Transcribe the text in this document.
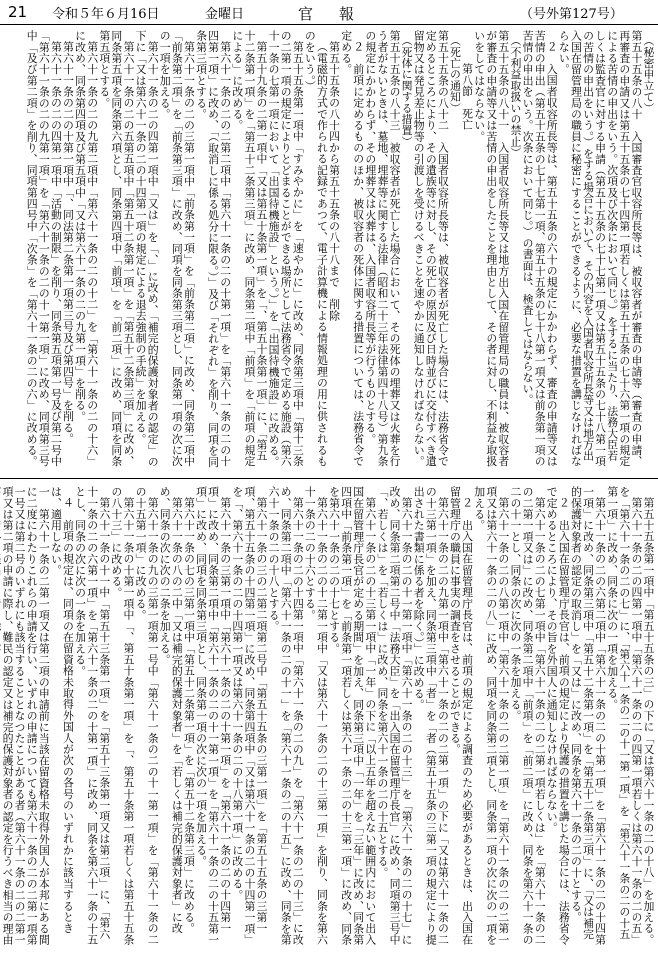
21 令和５年６月16日	金曜日	官報	（号外第127号）

（秘密申立て）

第五十五条の八十　入国審査官収容所長等は、被収容者が審査の申請等（審査の申請、再審査の申請又は第五十五条の七十四第一項若しくは第五十五条の七十六第一項の規定による苦情の申出をいう。次項及び次条において同じ。）をするに当たり、法務大臣若しくは監査官に対する申請（第五十五条の七十七第一項又は第五十五条の七十八第一項の苦情の申出をいう。）をする場合において、その内容を入国者収容所長等又は地方出入国在留管理局の職員に秘密にすることができるように、必要な措置を講じなければならない。

２　入国者収容所長等は、第五十五条の六十の規定にかかわらず、審査の申請等又は苦情の申出（第五十五条の七十七第一項、第五十五条の七十八第一項又は前条第一項の苦情の申出をいう。次条において同じ。）の書面は、検査してはならない。

（不利益取扱いの禁止）

第五十五条の八十一　入国者収容所長等又は地方出入国在留管理局の職員は、被収容者が審査の申請等又は苦情の申出をしたことを理由として、その者に対し、不利益な取扱いをしてはならない。

第八節　死亡

（死亡の通知）

第五十五条の八十二　入国者収容所長等は、被収容者が死亡した場合には、法務省令で定めるところにより、その遺族等に対し、その死亡の原因及び日時並びに交付すべき遺留物又は発見差止物等の引渡しを受けるべきことを速やかに通知しなければならない。

（死体に関する措置）

第五十五条の八十三　被収容者が死亡した場合において、その死体の埋葬又は火葬を行う者がないときは、墓地、埋葬等に関する法律（昭和二十三年法律第四十八号）第九条の規定にかかわらず、その埋葬又は火葬は、入国者収容所長等が行うものとする。

２　前項に定めるもののほか、被収容者の死体に関する措置については、法務省令で定める。

第五十五条の八十四から第五十五条の八十八まで　削除

（電磁的方式で作られる記録であつて、電子計算機による情報処理の用に供されるものをいう。）

第五十五条第一項中「すみやかに」を「速やかに」に改め、同条第三項中「第十三条の二第一項の規定によりとどまることができる場所として法務省令で定める施設（第六十一条の七第一項において「出国待機施設」という。）」を「出国待機施設」に改める。

第五十九条の二第一項中「又は第五十条第一項」を「、第五十条第一項」に、「第五十二条第一項」を「第五十二条第三項」に改め、同条第二項中「前項」を「前項の規定による」に改める。

第六十一条の二の二第二項中「第六十一条の二の十第一項」を「第六十一条の二の十四第一項」に改め、「（取消しに係る処分に限る。）」及び「それぞれ」を削り、同項を同条第三項とする。

第六十一条の二の三第一項中「前条第一項」を「前条第二項」に改め、同条第二項中「前条第二項」を「前条第三項」に改め、同項を同条第三項とし、同条第一項の次に次の一項を加える。

第六十一条の二の四第一項中「又は」を「、」に改め、「補完的保護対象者の認定」の下に「又は第六十一条の二の十四第一項の規定による退去強制の手続」を加える。

第六十一条の二の五第五項中「第五十二条第一項」を「第五十二条第三項」に改め、同条第五項を同条第六項とし、同条第四項中「前項」を「前二項」に改め、同項を同条第五項とする。

第六十一条の二の九第二項中「第六十一条の二の十二」を「第六十一条の二の十六」に改め、同条第四項及び第五項中「又は第六十一条の二の九第一項」を削る。

第六十一条の二の十第一項中「、同法第二条第一項第三号及び第四号」を削る。

第六十一条の二の四第一項中「活動の制限」を削り、同条第五項第一号及び第二号中「第六十一条の二の九第一項」を「第六十一条の二の十一第一項」に改め、同項第三号中「及び第二項」を削り、同項第四号中「次条」を「第六十一条の二の六」に改める。

第五十五条第一項中「第五十五条の三」の下に「又は第六十一条の二の十八」を加える。

第六十一条の二の四第一項中「第六十一条の二の四第一項若しくは第六十一条の二の五」を「第六十一条の二の七」に、「第六十一条の二の十一第一項」を「第六十一条の二の十五第一項」に改め、同条に次の一項を加える。

第六十一条の二の六第二項中「第六十一条の二の十第一項」を「第六十一条の二の十四第一項」に改め、同条第三項中「第五十二条第一項」を「第五十二条第三項」に、「又は補完的保護対象者の認定の取消し」を「又は」に改め、同条を第六十一条の二の十とする。

２　出入国在留管理庁長官は、前項の規定により保護の措置を講じた場合には、法務省令で定めるところにより、その旨を外国人に通知しなければならない。

第六十一条の二の七第一項中「第六十一条の二の二第一項若しくは」を「第六十一条の二の二第一項又は」に改め、同条第二項中「前項」を「前二項」に改め、同条を第六十一条の二の十一とし、同条の次に次の一条を加える。

第六十一条の二の八第一項中「第六十一条の二の二第一項」を「第六十一条の二の二第一項又は第六十一条の二の八」に改め、同項を同条第二項とし、同条第一項の次に次の一項を加える。

２　出入国在留管理庁長官は、前項の規定による調査のため必要があるときは、出入国在留管理庁の職員に事実の調査をさせることができる。

第六十一条の二の九第一項中「第六十一条の二の二第一項」の下に「又は第六十一条の二の十三第一項」を加え、同条第三項中「者」を「者（第五十五条の三第一項の規定により提出された書類に係る者を除く。）」に改める。

第六十一条の二の十一第一項中「第六十一条の二の十三」を「第六十一条の二の十七」に改め、同条第二項第二号中「法務大臣」を「出入国在留管理庁長官」に改め、同項第三号中「、若しくは」を「若しくは」に改め、同条を第六十一条の二の十五とする。

第六十一条の二の十三第一項中「一年」の下に「以上五年を超えない範囲内において出入国在留管理庁長官が定める期間」を加え、同条第三項中「一年」を「三年」に改め、同条第四項中「前条第一項」を「前条第一項若しくは第六十一条の二の十三第一項」に改め、同条を第六十一条の二の十七とする。

第六十一条の二の十二第一項中「又は第六十一条の二の十三第一項」を削り、同条を第六十一条の二の十六とする。

第六十一条の二の十四第一項中「第六十一条の二の九」を「第六十一条の二の十三」に改め、同条第二項中「第六十一条の二の十一」を「第六十一条の二の十五」に改め、同条を第六十一条の二の十八とする。

第六十一条の三の二第二項第二号中「第五十五条の三第一項」を「第五十五条の三第一項、第五十五条の十四第一項」に改め、同条第四項中「又は第六十一条の二の十四第一項」を「、第六十一条の二の十四第一項又は第六十一条の二の十八第一項」に改める。

第六十一条の三第一項中「第六十一条の二の十第一項」を「第六十一条の二の十四第一項」に改め、同条第二項中「第六十一条の二の十一第一項」を「第六十一条の二の十五第一項」に改め、同項を同条第三項とし、同条第一項の次に次の一項を加える。

第六十一条の七の三第一項中「第五十二条第一項」を「第五十二条第三項」に改める。

第六十一条の八の二中「又は補完的保護対象者」を「若しくは補完的保護対象者」に改め、同条の次に次の二条を加える。

第六十一条の九の三第一項第一号中「第六十一条の二の十一第一項」を「第六十一条の二の十五第一項」に改める。

第六十一条の十第一項中「、第五十条第一項」を「、第五十条第一項若しくは第五十五条の八十三」に改める。

第六十一条の十一中「第五十三条第一項」を「第五十三条第一項又は第二項」に、「第六十一条の二の六第一項」を「第六十一条の二の十第一項」に改め、同条を第六十一条の十五とし、同条の次に次の一条を加える。

４　前項の規定は、同項の在留資格未取得外国人が次の各号のいずれかに該当するときは、適用しない。

一　第六十一条の二第一項又は第二項の申請前に当該在留資格未取得外国人が本邦にある間に二度にわたりこれらの申請を行い、いずれの申請についても第六十一条の二の二第一項第一号又は第二号のいずれにも該当することとなつたことがある者（第六十一条の二の二第一項又は第二項の申請に際し、難民の認定又は補完的保護対象者の認定を行うべき相当の理由
